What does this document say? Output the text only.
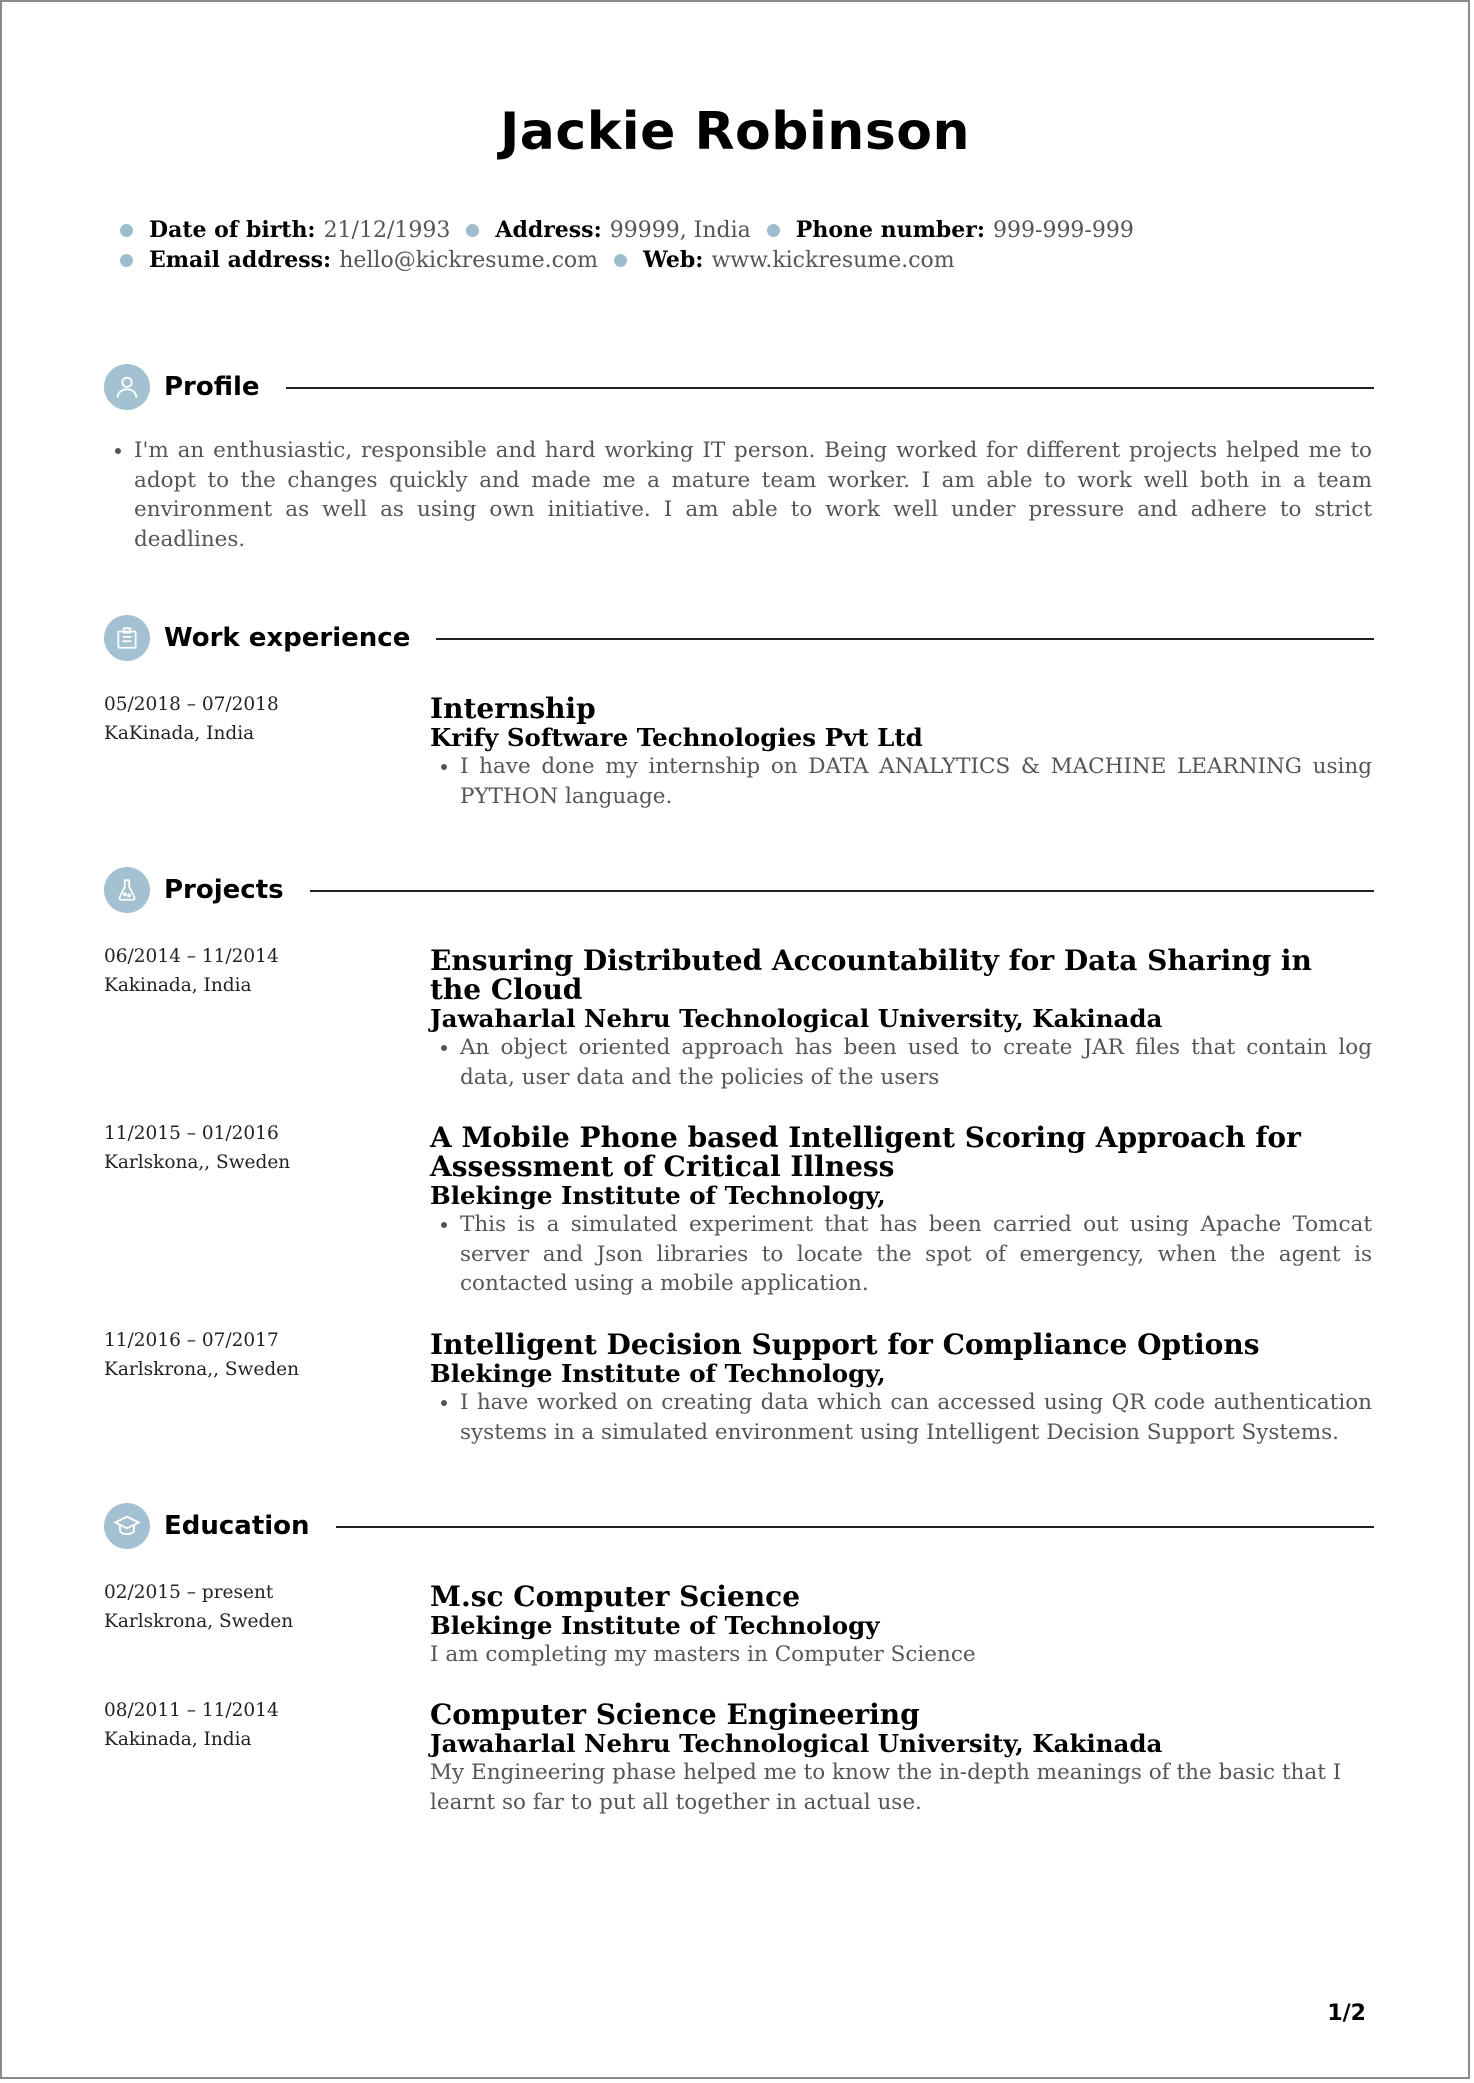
Jackie Robinson
Date of birth: 21/12/1993 Address: 99999, India Phone number: 999-999-999
Email address: hello@kickresume.com Web: www.kickresume.com
Profile
• I'm an enthusiastic, responsible and hard working IT person. Being worked for different projects helped me to adopt to the changes quickly and made me a mature team worker. I am able to work well both in a team environment as well as using own initiative. I am able to work well under pressure and adhere to strict deadlines.
Work experience
05/2018 – 07/2018
KaKinada, India
Internship
Krify Software Technologies Pvt Ltd
• I have done my internship on DATA ANALYTICS & MACHINE LEARNING using PYTHON language.
Projects
06/2014 – 11/2014
Kakinada, India
Ensuring Distributed Accountability for Data Sharing in the Cloud
Jawaharlal Nehru Technological University, Kakinada
• An object oriented approach has been used to create JAR files that contain log data, user data and the policies of the users
11/2015 – 01/2016
Karlskona,, Sweden
A Mobile Phone based Intelligent Scoring Approach for Assessment of Critical Illness
Blekinge Institute of Technology,
• This is a simulated experiment that has been carried out using Apache Tomcat server and Json libraries to locate the spot of emergency, when the agent is contacted using a mobile application.
11/2016 – 07/2017
Karlskrona,, Sweden
Intelligent Decision Support for Compliance Options
Blekinge Institute of Technology,
• I have worked on creating data which can accessed using QR code authentication systems in a simulated environment using Intelligent Decision Support Systems.
Education
02/2015 – present
Karlskrona, Sweden
M.sc Computer Science
Blekinge Institute of Technology
I am completing my masters in Computer Science
08/2011 – 11/2014
Kakinada, India
Computer Science Engineering
Jawaharlal Nehru Technological University, Kakinada
My Engineering phase helped me to know the in-depth meanings of the basic that I learnt so far to put all together in actual use.
1/2
